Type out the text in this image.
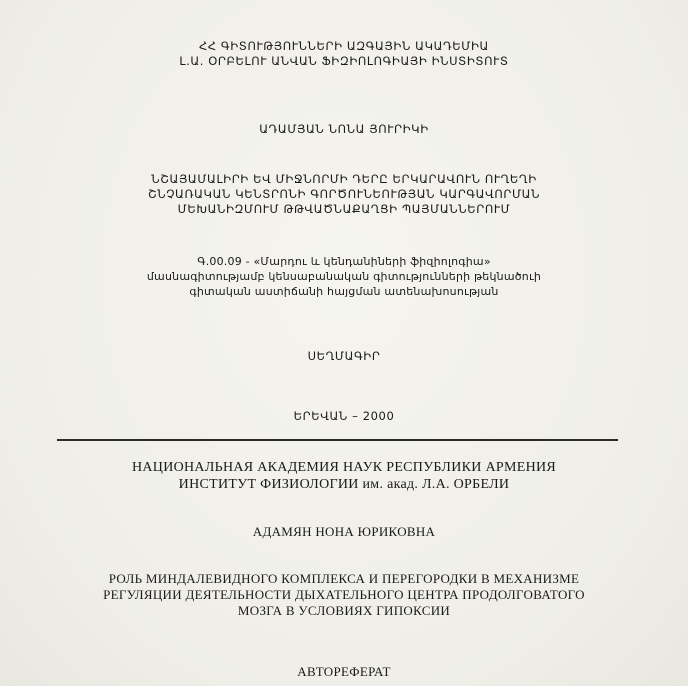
ՀՀ ԳԻՏՈՒԹՅՈՒՆՆԵՐԻ ԱԶԳԱՅԻՆ ԱԿԱԴԵՄԻԱ
Լ.Ա. ՕՐԲԵԼՈՒ ԱՆՎԱՆ ՖԻԶԻՈԼՈԳԻԱՅԻ ԻՆՍՏԻՏՈՒՏ
ԱԴԱՄՅԱՆ ՆՈՆԱ ՅՈՒՐԻԿԻ
ՆՇԱՅԱՄԱԼԻՐԻ ԵՎ ՄԻՋՆՈՐՄԻ ԴԵՐԸ ԵՐԿԱՐԱՎՈՒՆ ՈՒՂԵՂԻ
ՇՆՉԱՌԱԿԱՆ ԿԵՆՏՐՈՆԻ ԳՈՐԾՈՒՆԵՈՒԹՅԱՆ ԿԱՐԳԱՎՈՐՄԱՆ
ՄԵԽԱՆԻԶՄՈՒՄ ԹԹՎԱԾՆԱՔԱՂՑԻ ՊԱՅՄԱՆՆԵՐՈՒՄ
Գ.00.09 - «Մարդու և կենդանիների ֆիզիոլոգիա»
մասնագիտությամբ կենսաբանական գիտությունների թեկնածուի
գիտական աստիճանի հայցման ատենախոսության
ՍԵՂՄԱԳԻՐ
ԵՐԵՎԱՆ – 2000
НАЦИОНАЛЬНАЯ АКАДЕМИЯ НАУК РЕСПУБЛИКИ АРМЕНИЯ
ИНСТИТУТ ФИЗИОЛОГИИ им. акад. Л.А. ОРБЕЛИ
АДАМЯН НОНА ЮРИКОВНА
РОЛЬ МИНДАЛЕВИДНОГО КОМПЛЕКСА И ПЕРЕГОРОДКИ В МЕХАНИЗМЕ
РЕГУЛЯЦИИ ДЕЯТЕЛЬНОСТИ ДЫХАТЕЛЬНОГО ЦЕНТРА ПРОДОЛГОВАТОГО
МОЗГА В УСЛОВИЯХ ГИПОКСИИ
АВТОРЕФЕРАТ
